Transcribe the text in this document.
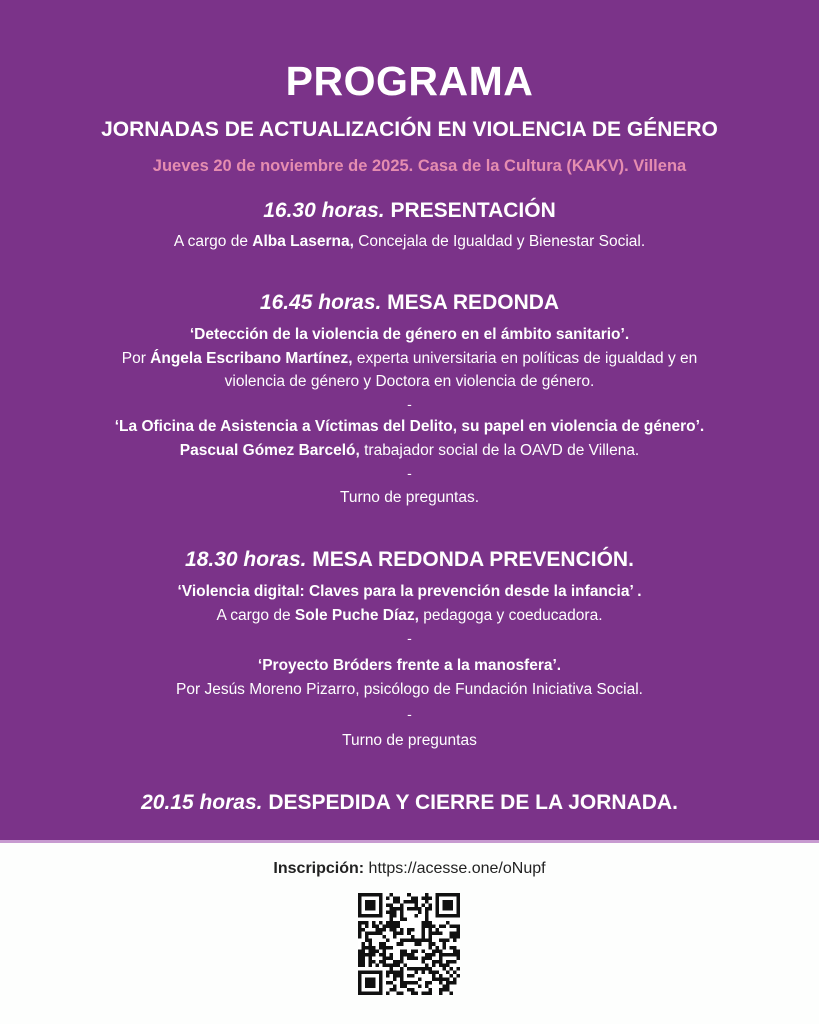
PROGRAMA
JORNADAS DE ACTUALIZACIÓN EN VIOLENCIA DE GÉNERO
Jueves 20 de noviembre de 2025. Casa de la Cultura (KAKV). Villena
16.30 horas. PRESENTACIÓN
A cargo de Alba Laserna, Concejala de Igualdad y Bienestar Social.
16.45 horas. MESA REDONDA
‘Detección de la violencia de género en el ámbito sanitario’.
Por Ángela Escribano Martínez, experta universitaria en políticas de igualdad y en
violencia de género y Doctora en violencia de género.
-
‘La Oficina de Asistencia a Víctimas del Delito, su papel en violencia de género’.
Pascual Gómez Barceló, trabajador social de la OAVD de Villena.
-
Turno de preguntas.
18.30 horas. MESA REDONDA PREVENCIÓN.
‘Violencia digital: Claves para la prevención desde la infancia’ .
A cargo de Sole Puche Díaz, pedagoga y coeducadora.
-
‘Proyecto Bróders frente a la manosfera’.
Por Jesús Moreno Pizarro, psicólogo de Fundación Iniciativa Social.
-
Turno de preguntas
20.15 horas. DESPEDIDA Y CIERRE DE LA JORNADA.
Inscripción: https://acesse.one/oNupf
